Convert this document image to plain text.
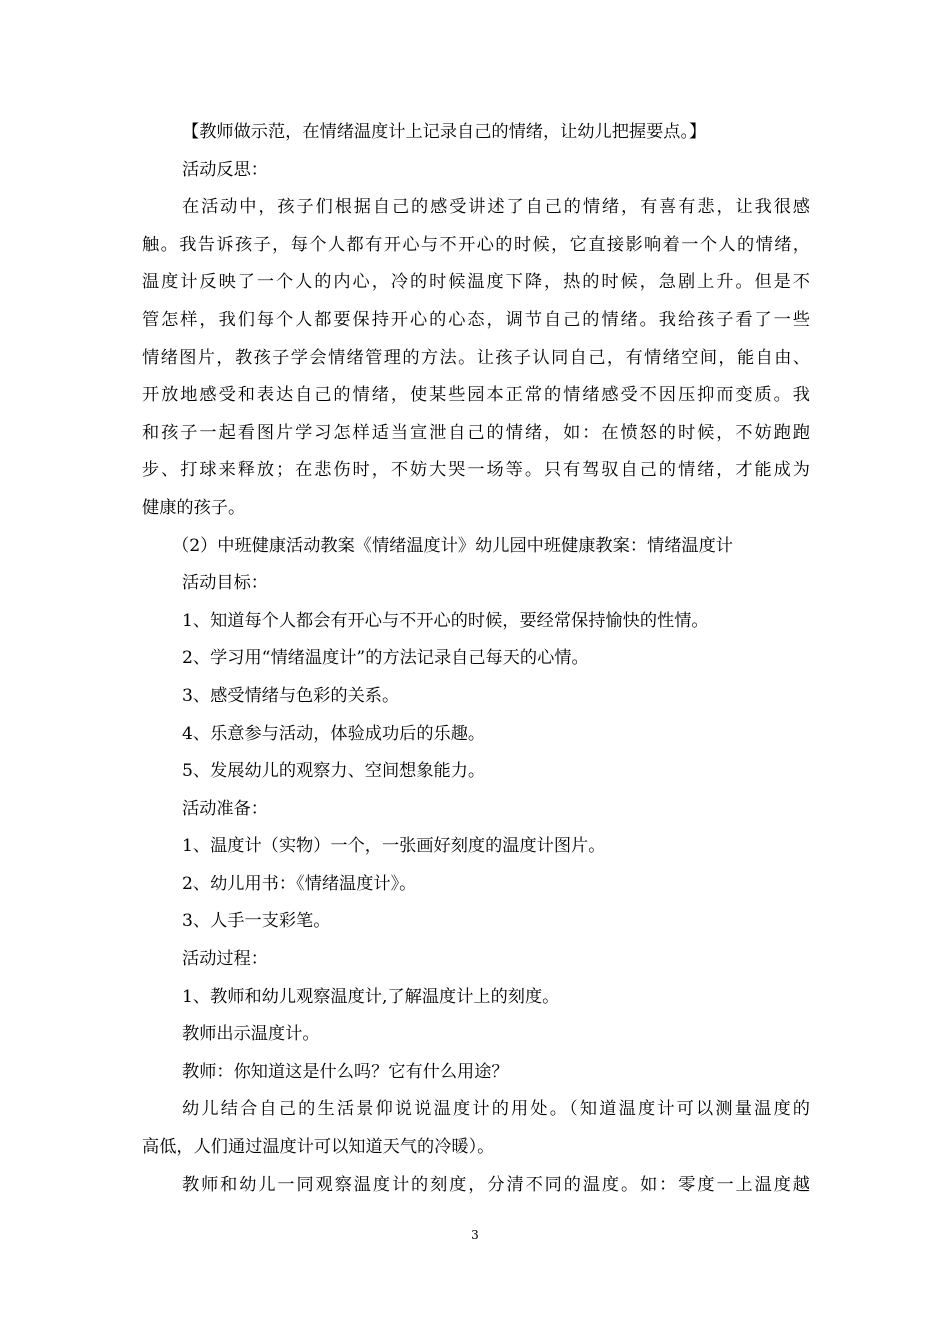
【教师做示范，在情绪温度计上记录自己的情绪，让幼儿把握要点。】

活动反思：

在活动中，孩子们根据自己的感受讲述了自己的情绪，有喜有悲，让我很感

触。我告诉孩子，每个人都有开心与不开心的时候，它直接影响着一个人的情绪，

温度计反映了一个人的内心，冷的时候温度下降，热的时候，急剧上升。但是不

管怎样，我们每个人都要保持开心的心态，调节自己的情绪。我给孩子看了一些

情绪图片，教孩子学会情绪管理的方法。让孩子认同自己，有情绪空间，能自由、

开放地感受和表达自己的情绪，使某些园本正常的情绪感受不因压抑而变质。我

和孩子一起看图片学习怎样适当宣泄自己的情绪，如：在愤怒的时候，不妨跑跑

步、打球来释放；在悲伤时，不妨大哭一场等。只有驾驭自己的情绪，才能成为

健康的孩子。

（2）中班健康活动教案《情绪温度计》幼儿园中班健康教案：情绪温度计

活动目标：

1、知道每个人都会有开心与不开心的时候，要经常保持愉快的性情。

2、学习用“情绪温度计”的方法记录自己每天的心情。

3、感受情绪与色彩的关系。

4、乐意参与活动，体验成功后的乐趣。

5、发展幼儿的观察力、空间想象能力。

活动准备：

1、温度计（实物）一个，一张画好刻度的温度计图片。

2、幼儿用书：《情绪温度计》。

3、人手一支彩笔。

活动过程：

1、教师和幼儿观察温度计,了解温度计上的刻度。

教师出示温度计。

教师：你知道这是什么吗？它有什么用途？

幼儿结合自己的生活景仰说说温度计的用处。（知道温度计可以测量温度的

高低，人们通过温度计可以知道天气的冷暖）。

教师和幼儿一同观察温度计的刻度，分清不同的温度。如：零度一上温度越

3
